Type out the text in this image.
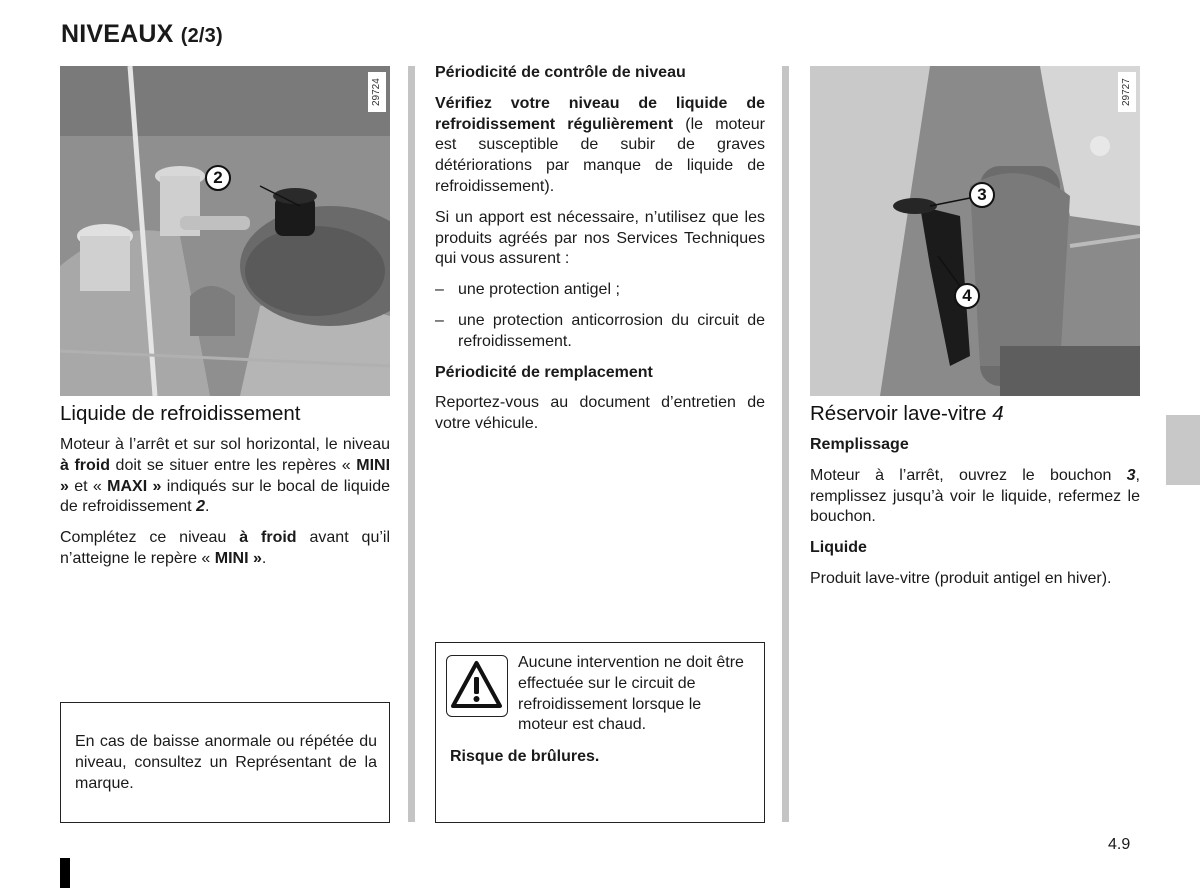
NIVEAUX (2/3)
29724
2
Liquide de refroidissement

Moteur à l’arrêt et sur sol horizontal, le niveau à froid doit se situer entre les repères « MINI » et « MAXI » indiqués sur le bocal de liquide de refroidissement 2.

Complétez ce niveau à froid avant qu’il n’atteigne le repère « MINI ».

En cas de baisse anormale ou répétée du niveau, consultez un Représentant de la marque.
Périodicité de contrôle de niveau

Vérifiez votre niveau de liquide de refroidissement régulièrement (le moteur est susceptible de subir de graves détériorations par manque de liquide de refroidissement).

Si un apport est nécessaire, n’utilisez que les produits agréés par nos Services Techniques qui vous assurent :

– une protection antigel ;
– une protection anticorrosion du circuit de refroidissement.
Périodicité de remplacement

Reportez-vous au document d’entretien de votre véhicule.

Aucune intervention ne doit être effectuée sur le circuit de refroidissement lorsque le moteur est chaud.
Risque de brûlures.
29727
3
4
Réservoir lave-vitre 4
Remplissage

Moteur à l’arrêt, ouvrez le bouchon 3, remplissez jusqu’à voir le liquide, refermez le bouchon.

Liquide

Produit lave-vitre (produit antigel en hiver).

4.9
